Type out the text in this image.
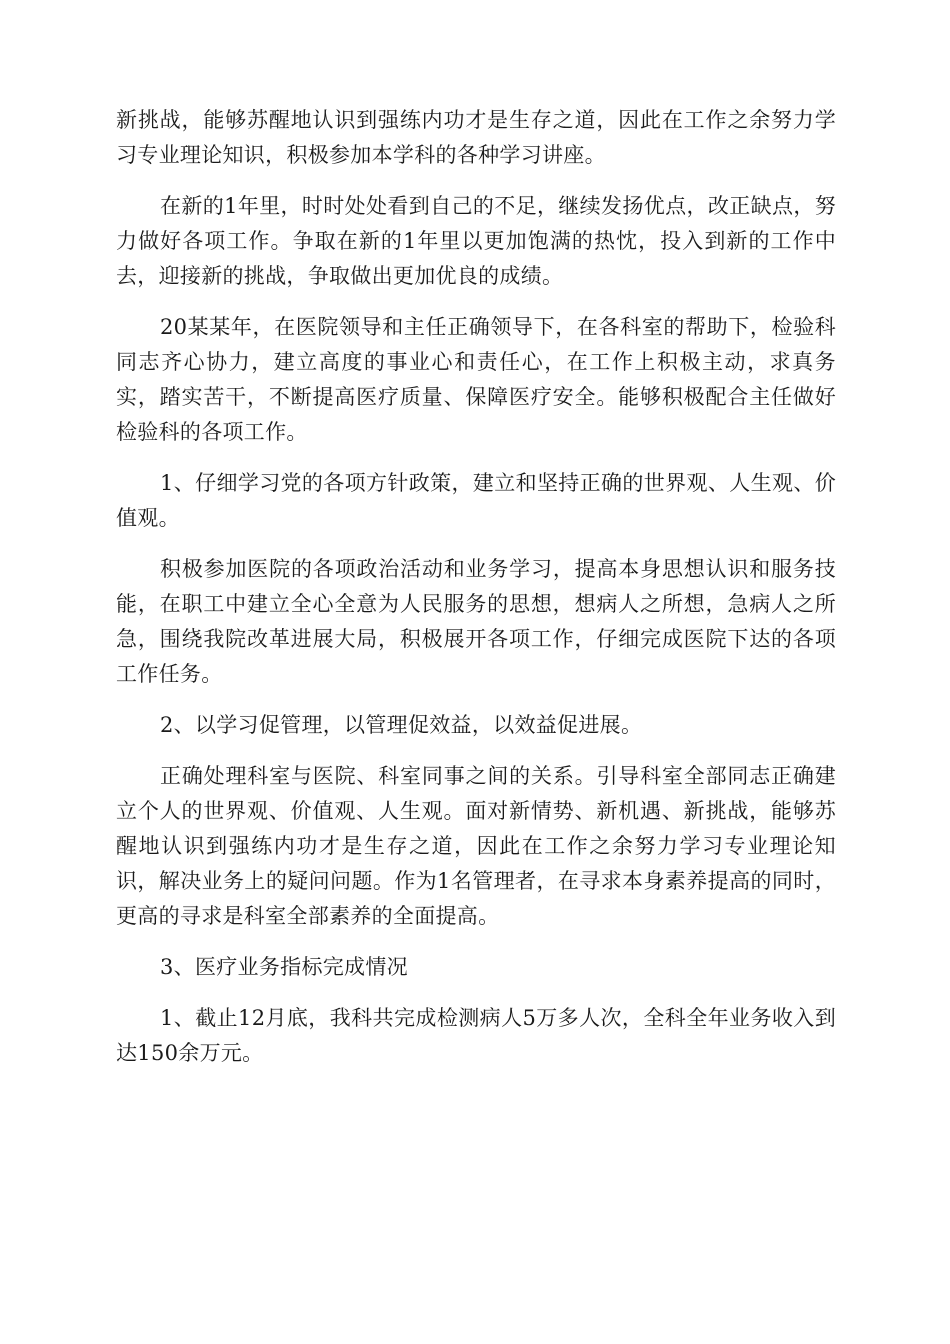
新挑战，能够苏醒地认识到强练内功才是生存之道，因此在工作之余努力学习专业理论知识，积极参加本学科的各种学习讲座。

在新的1年里，时时处处看到自己的不足，继续发扬优点，改正缺点，努力做好各项工作。争取在新的1年里以更加饱满的热忱，投入到新的工作中去，迎接新的挑战，争取做出更加优良的成绩。

20某某年，在医院领导和主任正确领导下，在各科室的帮助下，检验科同志齐心协力，建立高度的事业心和责任心，在工作上积极主动，求真务实，踏实苦干，不断提高医疗质量、保障医疗安全。能够积极配合主任做好检验科的各项工作。

1、仔细学习党的各项方针政策，建立和坚持正确的世界观、人生观、价值观。

积极参加医院的各项政治活动和业务学习，提高本身思想认识和服务技能，在职工中建立全心全意为人民服务的思想，想病人之所想，急病人之所急，围绕我院改革进展大局，积极展开各项工作，仔细完成医院下达的各项工作任务。

2、以学习促管理，以管理促效益，以效益促进展。

正确处理科室与医院、科室同事之间的关系。引导科室全部同志正确建立个人的世界观、价值观、人生观。面对新情势、新机遇、新挑战，能够苏醒地认识到强练内功才是生存之道，因此在工作之余努力学习专业理论知识，解决业务上的疑问问题。作为1名管理者，在寻求本身素养提高的同时，更高的寻求是科室全部素养的全面提高。

3、医疗业务指标完成情况

1、截止12月底，我科共完成检测病人5万多人次，全科全年业务收入到达150余万元。
